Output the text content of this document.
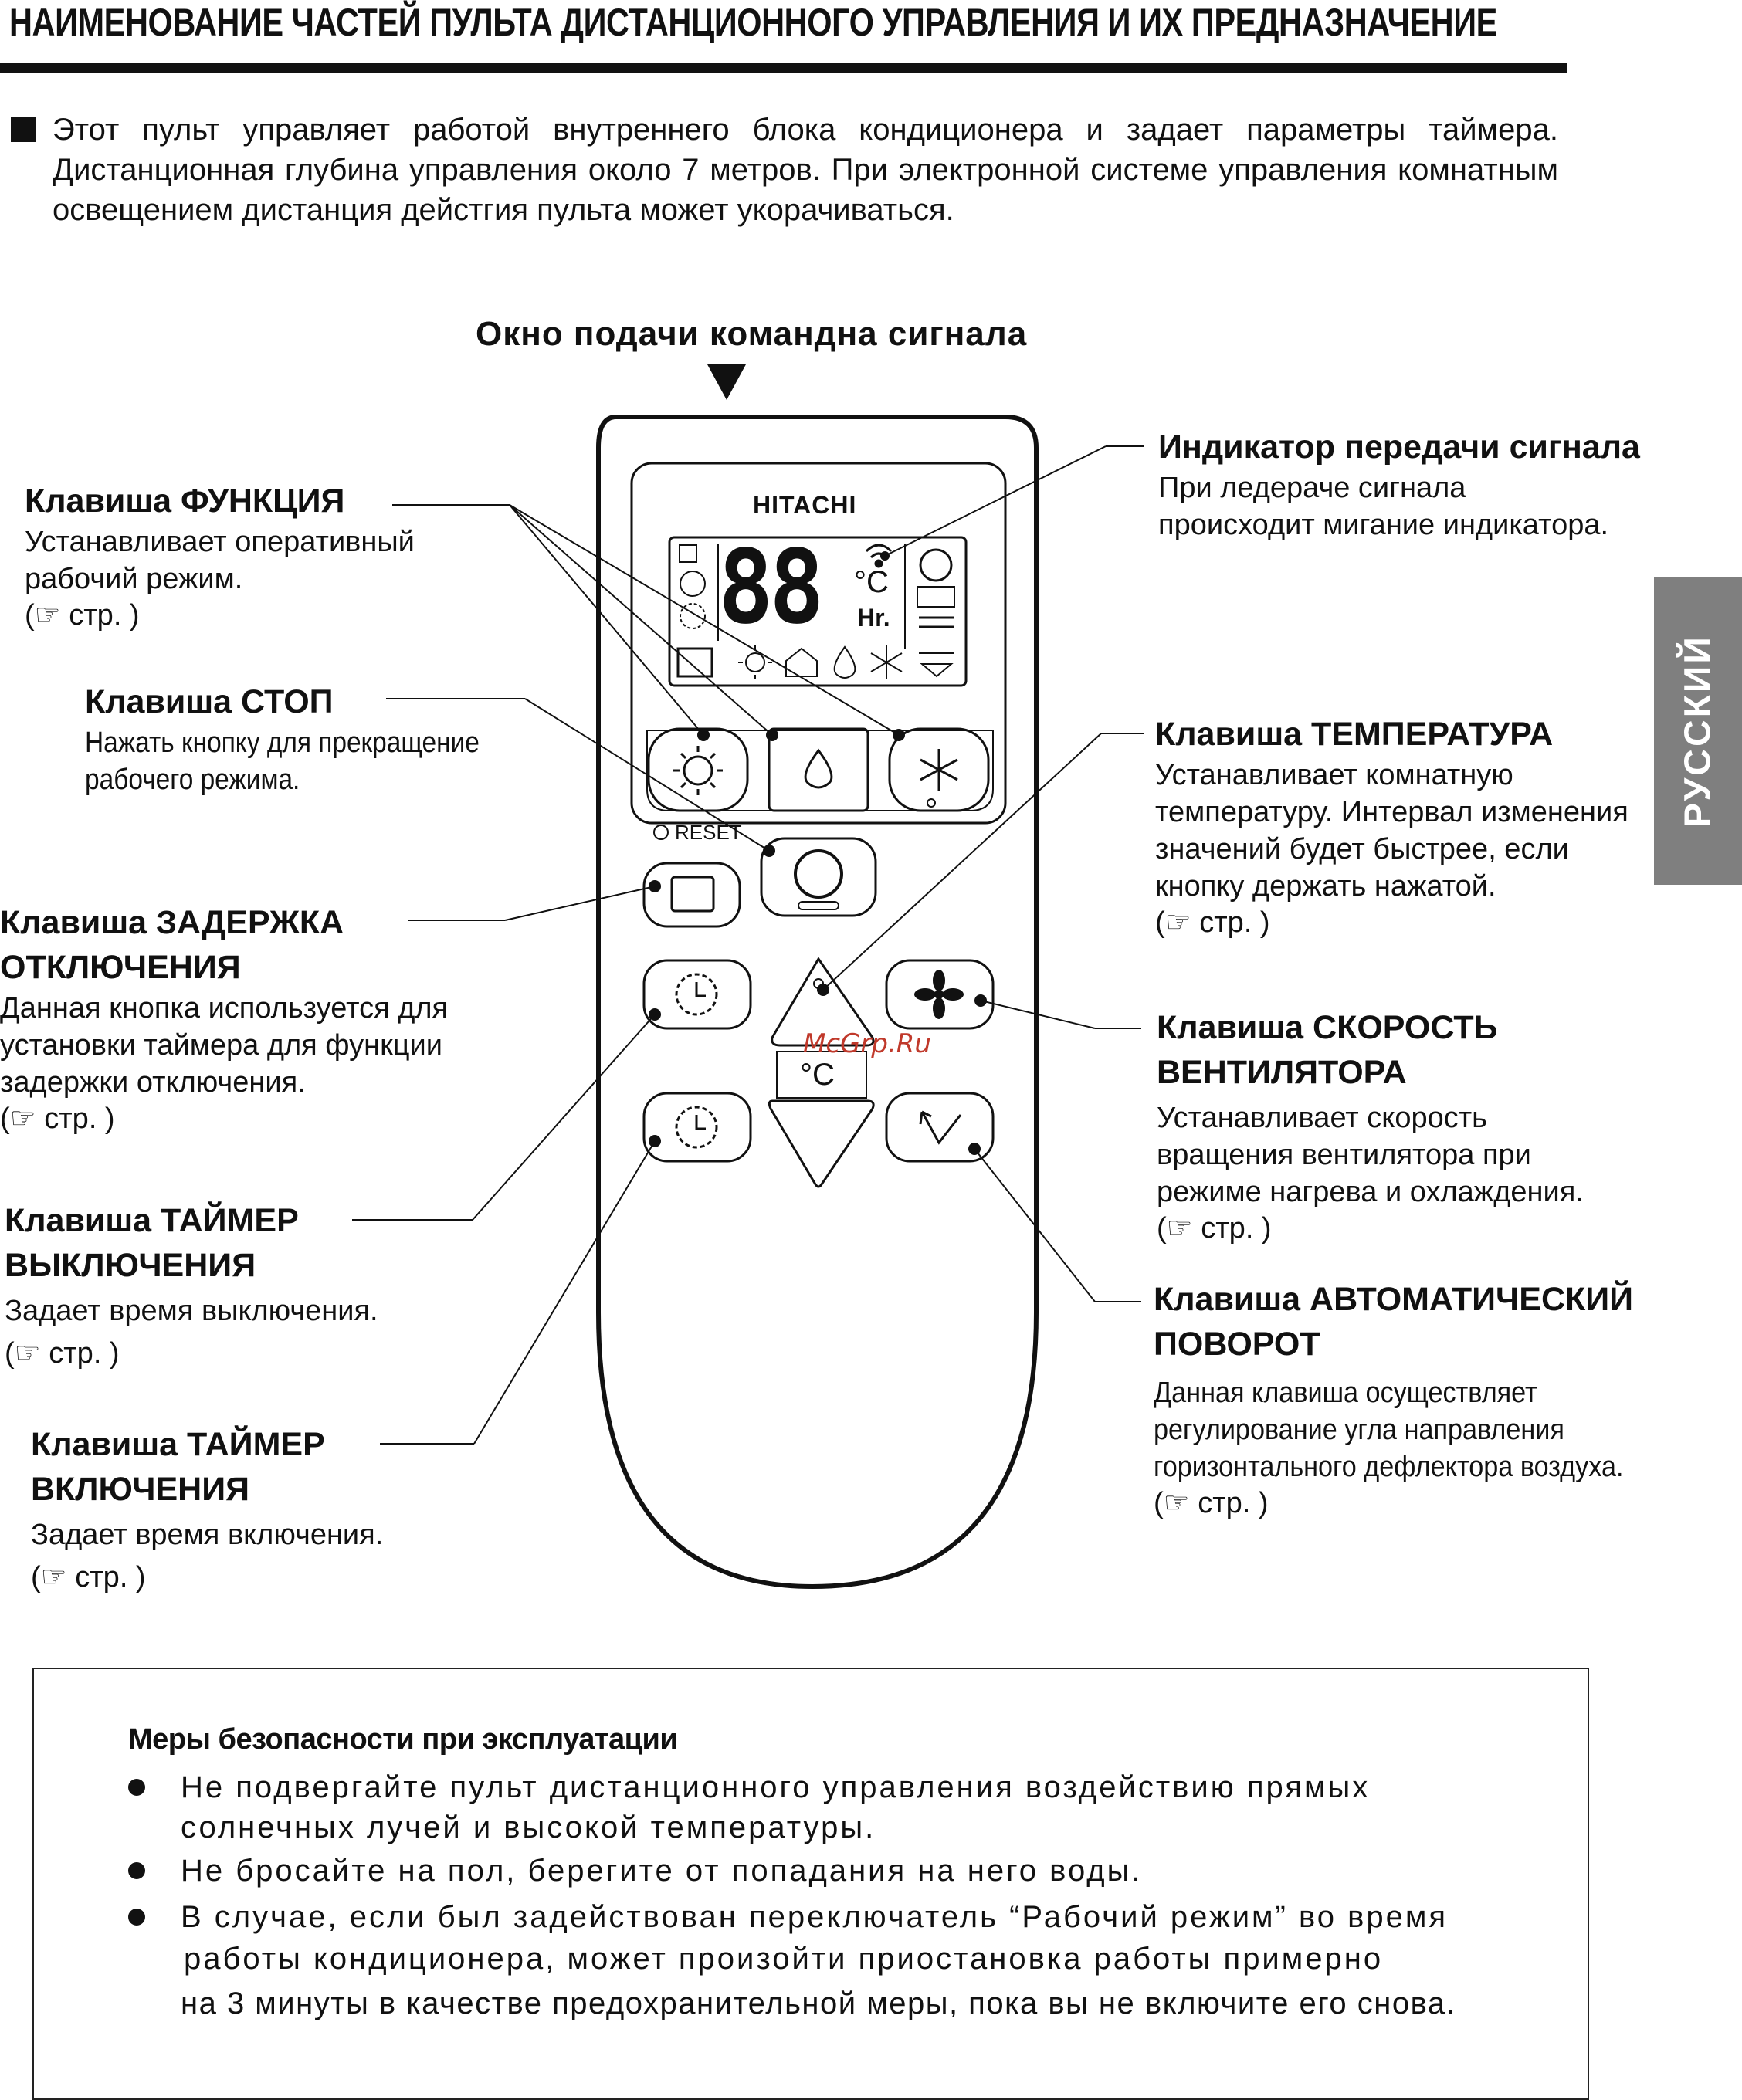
НАИМЕНОВАНИЕ ЧАСТЕЙ ПУЛЬТА ДИСТАНЦИОННОГО УПРАВЛЕНИЯ И ИХ ПРЕДНАЗНАЧЕНИЕ
Этот пульт управляет работой внутреннего блока кондиционера и задает параметры таймера. Дистанционная глубина управления около 7 метров. При электронной системе управления комнатным освещением дистанция дейстгия пульта может укорачиваться.
Окно подачи командна сигнала
РУССКИЙ
HITACHI
88 °C
Hr.
RESET
°C
McGrp.Ru
Клавиша ФУНКЦИЯ
Устанавливает оперативный
рабочий режим.
(☞ стр. )
Клавиша СТОП
Нажать кнопку для прекращение
рабочего режима.
Клавиша ЗАДЕРЖКА
ОТКЛЮЧЕНИЯ
Данная кнопка используется для
установки таймера для функции
задержки отключения.
(☞ стр. )
Клавиша ТАЙМЕР
ВЫКЛЮЧЕНИЯ
Задает время выключения.
(☞ стр. )
Клавиша ТАЙМЕР
ВКЛЮЧЕНИЯ
Задает время включения.
(☞ стр. )
Индикатор передачи сигнала
При ледераче сигнала
происходит мигание индикатора.
Клавиша ТЕМПЕРАТУРА
Устанавливает комнатную
температуру. Интервал изменения
значений будет быстрее, если
кнопку держать нажатой.
(☞ стр. )
Клавиша СКОРОСТЬ
ВЕНТИЛЯТОРА
Устанавливает скорость
вращения вентилятора при
режиме нагрева и охлаждения.
(☞ стр. )
Клавиша АВТОМАТИЧЕСКИЙ
ПОВОРОТ
Данная клавиша осуществляет
регулирование угла направления
горизонтального дефлектора воздуха.
(☞ стр. )
Меры безопасности при эксплуатации
Не подвергайте пульт дистанционного управления воздействию прямых
солнечных лучей и высокой температуры.
Не бросайте на пол, берегите от попадания на него воды.
В случае, если был задействован переключатель “Рабочий режим” во время
работы кондиционера, может произойти приостановка работы примерно
на 3 минуты в качестве предохранительной меры, пока вы не включите его снова.
